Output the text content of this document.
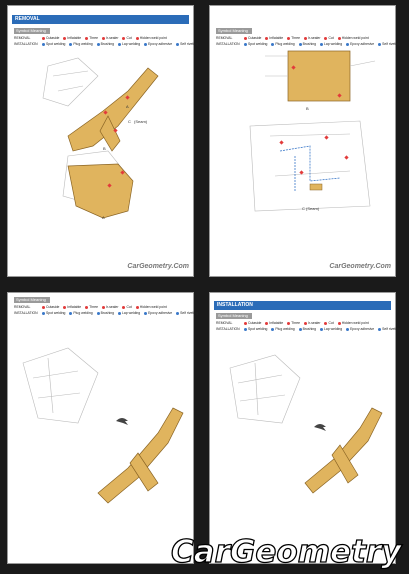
REMOVAL
Symbol Meaning
REMOVAL	Cutaside	Inflatable	Three	Ir-sealer	Cut	Hidden weld point
INSTALLATION	Spot welding	Plug welding	Brushing	Lap welding	Epoxy adhesive	Self riveting
A
B
C (Seam)
A
CarGeometry.Com
Symbol Meaning
REMOVAL	Cutaside	Inflatable	Three	Ir-sealer	Cut	Hidden weld point
INSTALLATION	Spot welding	Plug welding	Brushing	Lap welding	Epoxy adhesive	Self riveting
B
C (Seam)
CarGeometry.Com
Symbol Meaning
REMOVAL	Cutaside	Inflatable	Three	Ir-sealer	Cut	Hidden weld point
INSTALLATION	Spot welding	Plug welding	Brushing	Lap welding	Epoxy adhesive	Self riveting
INSTALLATION
Symbol Meaning
REMOVAL	Cutaside	Inflatable	Three	Ir-sealer	Cut	Hidden weld point
INSTALLATION	Spot welding	Plug welding	Brushing	Lap welding	Epoxy adhesive	Self riveting
CarGeometry
